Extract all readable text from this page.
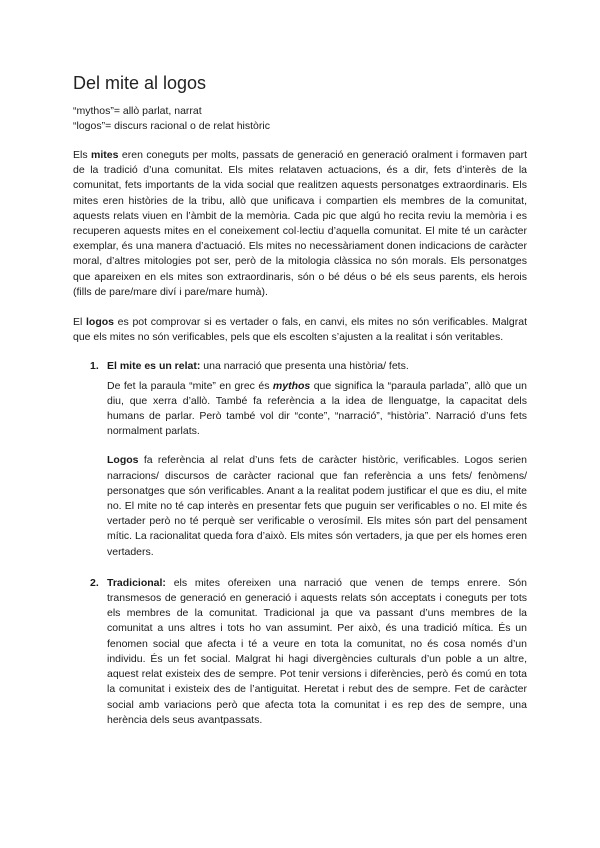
Del mite al logos

“mythos”= allò parlat, narrat

“logos”= discurs racional o de relat històric

Els mites eren coneguts per molts, passats de generació en generació oralment i formaven part de la tradició d’una comunitat. Els mites relataven actuacions, és a dir, fets d’interès de la comunitat, fets importants de la vida social que realitzen aquests personatges extraordinaris. Els mites eren històries de la tribu, allò que unificava i compartien els membres de la comunitat, aquests relats viuen en l’àmbit de la memòria. Cada pic que algú ho recita reviu la memòria i es recuperen aquests mites en el coneixement col·lectiu d’aquella comunitat. El mite té un caràcter exemplar, és una manera d’actuació. Els mites no necessàriament donen indicacions de caràcter moral, d’altres mitologies pot ser, però de la mitologia clàssica no són morals. Els personatges que apareixen en els mites son extraordinaris, són o bé déus o bé els seus parents, els herois (fills de pare/mare diví i pare/mare humà).

El logos es pot comprovar si es vertader o fals, en canvi, els mites no són verificables. Malgrat que els mites no són verificables, pels que els escolten s’ajusten a la realitat i són veritables.

1. El mite es un relat: una narració que presenta una història/ fets.

De fet la paraula “mite” en grec és mythos que significa la “paraula parlada”, allò que un diu, que xerra d’allò. També fa referència a la idea de llenguatge, la capacitat dels humans de parlar. Però també vol dir “conte”, “narració”, “història”. Narració d’uns fets normalment parlats.

Logos fa referència al relat d’uns fets de caràcter històric, verificables. Logos serien narracions/ discursos de caràcter racional que fan referència a uns fets/ fenòmens/ personatges que són verificables. Anant a la realitat podem justificar el que es diu, el mite no. El mite no té cap interès en presentar fets que puguin ser verificables o no. El mite és vertader però no té perquè ser verificable o verosímil. Els mites són part del pensament mític. La racionalitat queda fora d’això. Els mites són vertaders, ja que per els homes eren vertaders.

2. Tradicional: els mites ofereixen una narració que venen de temps enrere. Són transmesos de generació en generació i aquests relats són acceptats i coneguts per tots els membres de la comunitat. Tradicional ja que va passant d’uns membres de la comunitat a uns altres i tots ho van assumint. Per això, és una tradició mítica. És un fenomen social que afecta i té a veure en tota la comunitat, no és cosa només d’un individu. És un fet social. Malgrat hi hagi divergències culturals d’un poble a un altre, aquest relat existeix des de sempre. Pot tenir versions i diferències, però és comú en tota la comunitat i existeix des de l’antiguitat. Heretat i rebut des de sempre. Fet de caràcter social amb variacions però que afecta tota la comunitat i es rep des de sempre, una herència dels seus avantpassats.
